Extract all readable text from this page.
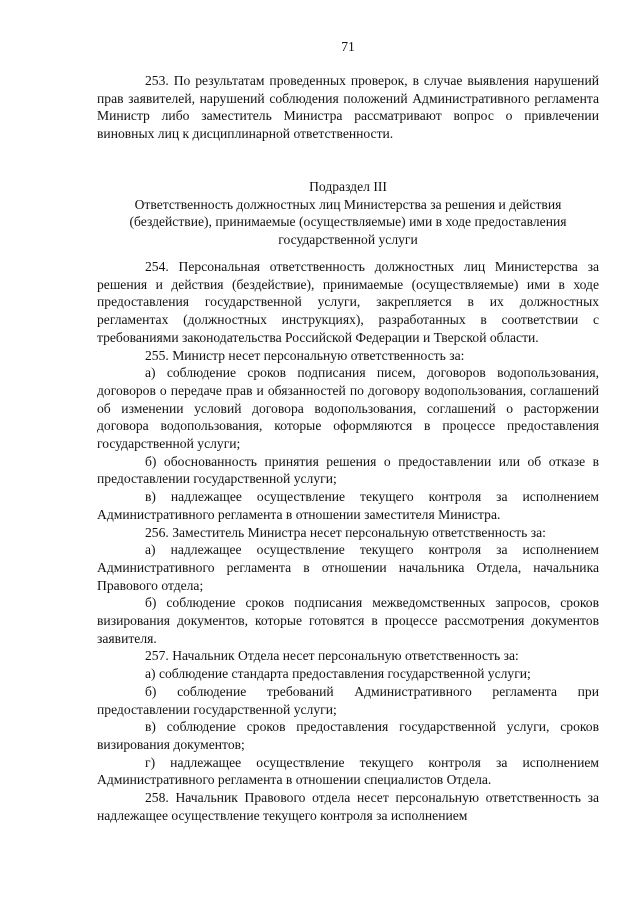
71

253. По результатам проведенных проверок, в случае выявления нарушений прав заявителей, нарушений соблюдения положений Административного регламента Министр либо заместитель Министра рассматривают вопрос о привлечении виновных лиц к дисциплинарной ответственности.

Подраздел III

Ответственность должностных лиц Министерства за решения и действия (бездействие), принимаемые (осуществляемые) ими в ходе предоставления государственной услуги

254. Персональная ответственность должностных лиц Министерства за решения и действия (бездействие), принимаемые (осуществляемые) ими в ходе предоставления государственной услуги, закрепляется в их должностных регламентах (должностных инструкциях), разработанных в соответствии с требованиями законодательства Российской Федерации и Тверской области.

255. Министр несет персональную ответственность за:

а) соблюдение сроков подписания писем, договоров водопользования, договоров о передаче прав и обязанностей по договору водопользования, соглашений об изменении условий договора водопользования, соглашений о расторжении договора водопользования, которые оформляются в процессе предоставления государственной услуги;

б) обоснованность принятия решения о предоставлении или об отказе в предоставлении государственной услуги;

в) надлежащее осуществление текущего контроля за исполнением Административного регламента в отношении заместителя Министра.

256. Заместитель Министра несет персональную ответственность за:

а) надлежащее осуществление текущего контроля за исполнением Административного регламента в отношении начальника Отдела, начальника Правового отдела;

б) соблюдение сроков подписания межведомственных запросов, сроков визирования документов, которые готовятся в процессе рассмотрения документов заявителя.

257. Начальник Отдела несет персональную ответственность за:

а) соблюдение стандарта предоставления государственной услуги;

б) соблюдение требований Административного регламента при предоставлении государственной услуги;

в) соблюдение сроков предоставления государственной услуги, сроков визирования документов;

г) надлежащее осуществление текущего контроля за исполнением Административного регламента в отношении специалистов Отдела.

258. Начальник Правового отдела несет персональную ответственность за надлежащее осуществление текущего контроля за исполнением
